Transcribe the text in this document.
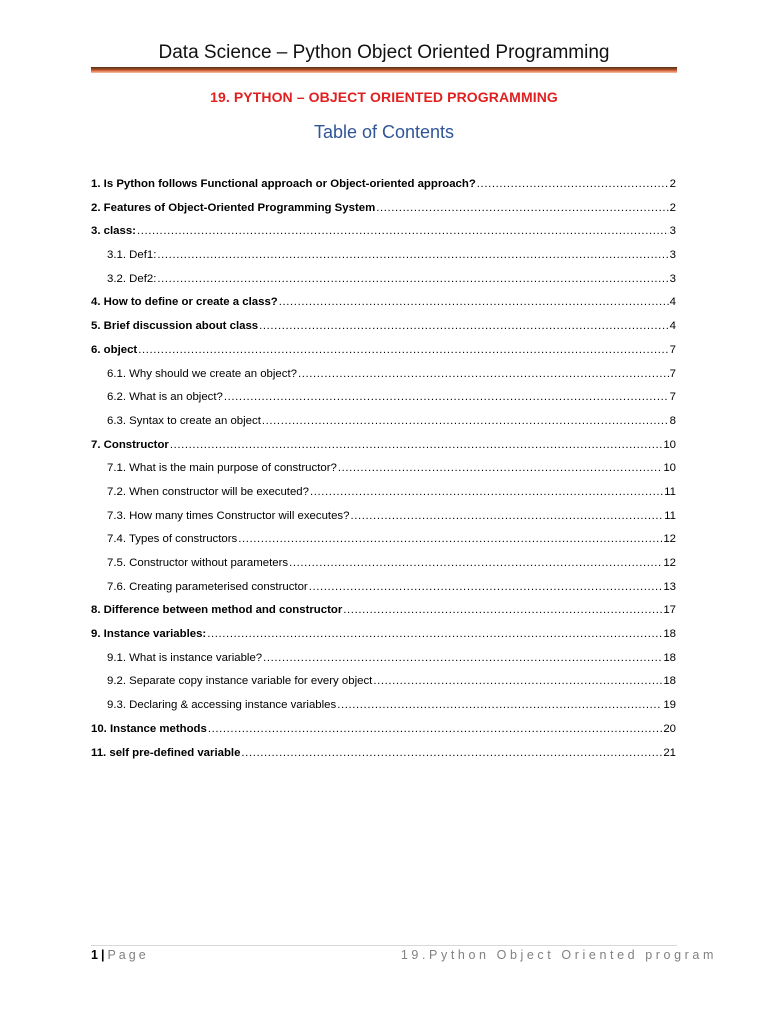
Data Science – Python Object Oriented Programming
19. PYTHON – OBJECT ORIENTED PROGRAMMING
Table of Contents
1. Is Python follows Functional approach or Object-oriented approach? .....	2
2. Features of Object-Oriented Programming System .....	2
3. class: .....	3
3.1. Def1: .....	3
3.2. Def2: .....	3
4. How to define or create a class? .....	4
5. Brief discussion about class .....	4
6. object .....	7
6.1. Why should we create an object? .....	7
6.2. What is an object? .....	7
6.3. Syntax to create an object .....	8
7. Constructor .....	10
7.1. What is the main purpose of constructor? .....	10
7.2. When constructor will be executed? .....	11
7.3. How many times Constructor will executes? .....	11
7.4. Types of constructors .....	12
7.5. Constructor without parameters .....	12
7.6. Creating parameterised constructor .....	13
8. Difference between method and constructor .....	17
9. Instance variables: .....	18
9.1. What is instance variable? .....	18
9.2. Separate copy instance variable for every object .....	18
9.3. Declaring & accessing instance variables .....	19
10. Instance methods .....	20
11. self pre-defined variable .....	21
1 | Page	19.Python Object Oriented program
